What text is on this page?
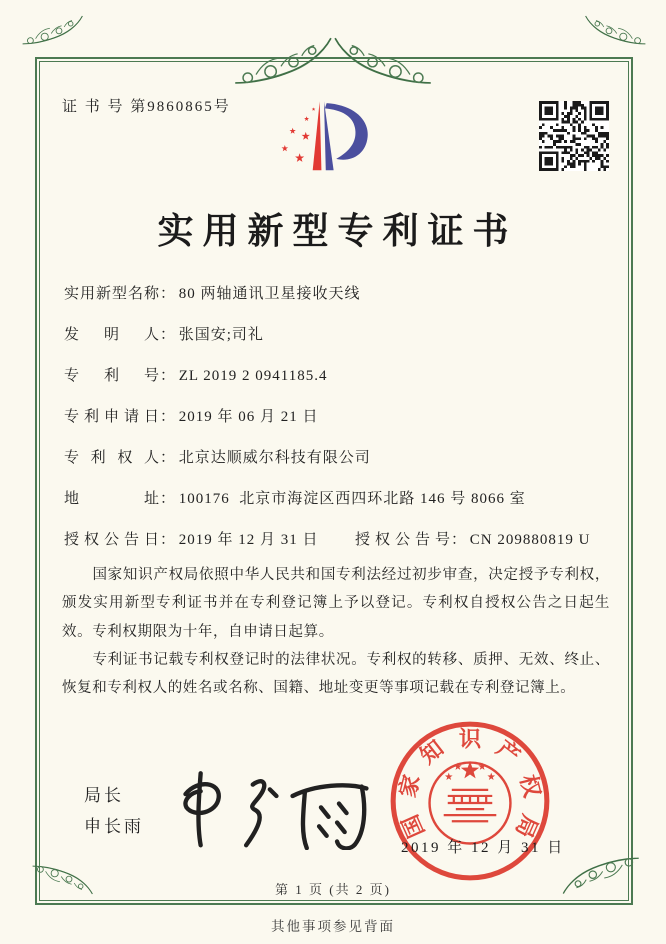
证 书 号 第9860865号
实用新型专利证书
实用新型名称： 80 两轴通讯卫星接收天线
发明人： 张国安;司礼
专利号： ZL 2019 2 0941185.4
专利申请日： 2019 年 06 月 21 日
专利权人： 北京达顺威尔科技有限公司
地址： 100176  北京市海淀区西四环北路 146 号 8066 室
授权公告日： 2019 年 12 月 31 日	授权公告号： CN 209880819 U

国家知识产权局依照中华人民共和国专利法经过初步审查，决定授予专利权，颁发实用新型专利证书并在专利登记簿上予以登记。专利权自授权公告之日起生效。专利权期限为十年，自申请日起算。

专利证书记载专利权登记时的法律状况。专利权的转移、质押、无效、终止、恢复和专利权人的姓名或名称、国籍、地址变更等事项记载在专利登记簿上。

局长
申长雨	国
家
知 识 产
权
局
2019 年 12 月 31 日
第 1 页 (共 2 页)
其他事项参见背面
